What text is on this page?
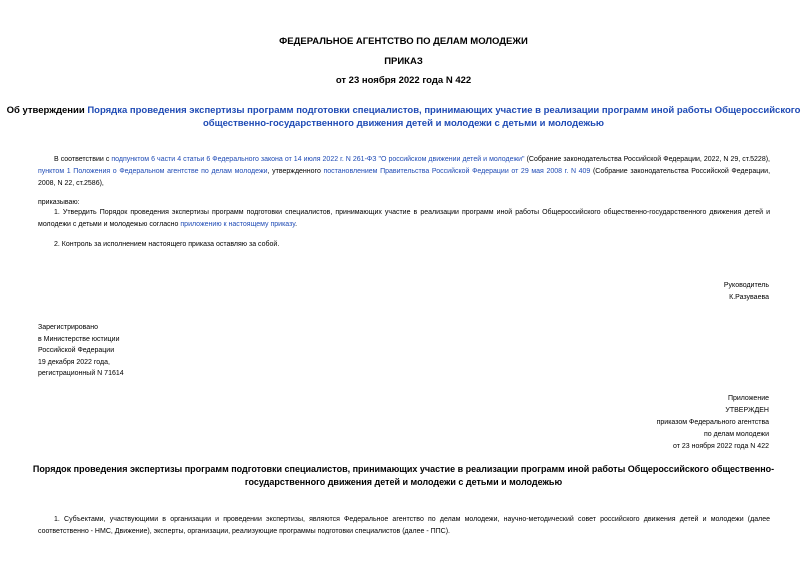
ФЕДЕРАЛЬНОЕ АГЕНТСТВО ПО ДЕЛАМ МОЛОДЕЖИ
ПРИКАЗ
от 23 ноября 2022 года N 422
Об утверждении Порядка проведения экспертизы программ подготовки специалистов, принимающих участие в реализации программ иной работы Общероссийского общественно-государственного движения детей и молодежи с детьми и молодежью
В соответствии с подпунктом 6 части 4 статьи 6 Федерального закона от 14 июля 2022 г. N 261-ФЗ "О российском движении детей и молодежи" (Собрание законодательства Российской Федерации, 2022, N 29, ст.5228), пунктом 1 Положения о Федеральном агентстве по делам молодежи, утвержденного постановлением Правительства Российской Федерации от 29 мая 2008 г. N 409 (Собрание законодательства Российской Федерации, 2008, N 22, ст.2586),
приказываю:
1. Утвердить Порядок проведения экспертизы программ подготовки специалистов, принимающих участие в реализации программ иной работы Общероссийского общественно-государственного движения детей и молодежи с детьми и молодежью согласно приложению к настоящему приказу.
2. Контроль за исполнением настоящего приказа оставляю за собой.
Руководитель
К.Разуваева
Зарегистрировано
в Министерстве юстиции
Российской Федерации
19 декабря 2022 года,
регистрационный N 71614
Приложение
УТВЕРЖДЕН
приказом Федерального агентства
по делам молодежи
от 23 ноября 2022 года N 422
Порядок проведения экспертизы программ подготовки специалистов, принимающих участие в реализации программ иной работы Общероссийского общественно-государственного движения детей и молодежи с детьми и молодежью
1. Субъектами, участвующими в организации и проведении экспертизы, являются Федеральное агентство по делам молодежи, научно-методический совет российского движения детей и молодежи (далее соответственно - НМС, Движение), эксперты, организации, реализующие программы подготовки специалистов (далее - ППС).
